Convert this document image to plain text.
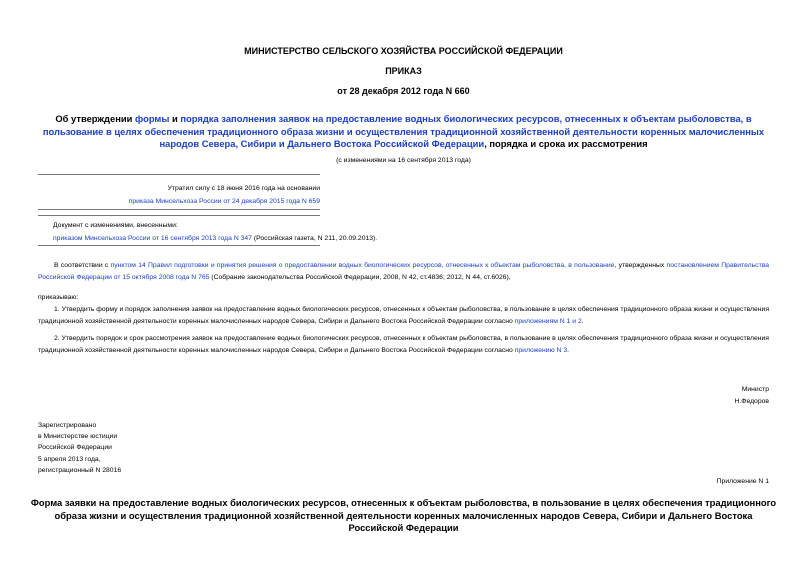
МИНИСТЕРСТВО СЕЛЬСКОГО ХОЗЯЙСТВА РОССИЙСКОЙ ФЕДЕРАЦИИ
ПРИКАЗ
от 28 декабря 2012 года N 660
Об утверждении формы и порядка заполнения заявок на предоставление водных биологических ресурсов, отнесенных к объектам рыболовства, в пользование в целях обеспечения традиционного образа жизни и осуществления традиционной хозяйственной деятельности коренных малочисленных народов Севера, Сибири и Дальнего Востока Российской Федерации, порядка и срока их рассмотрения
(с изменениями на 16 сентября 2013 года)
Утратил силу с 18 июня 2016 года на основании
приказа Минсельхоза России от 24 декабря 2015 года N 659
Документ с изменениями, внесенными:
приказом Минсельхоза России от 16 сентября 2013 года N 347 (Российская газета, N 211, 20.09.2013).
В соответствии с пунктом 14 Правил подготовки и принятия решения о предоставлении водных биологических ресурсов, отнесенных к объектам рыболовства, в пользование, утвержденных постановлением Правительства Российской Федерации от 15 октября 2008 года N 765 (Собрание законодательства Российской Федерации, 2008, N 42, ст.4836; 2012, N 44, ст.6026),
приказываю:
1. Утвердить форму и порядок заполнения заявок на предоставление водных биологических ресурсов, отнесенных к объектам рыболовства, в пользование в целях обеспечения традиционного образа жизни и осуществления традиционной хозяйственной деятельности коренных малочисленных народов Севера, Сибири и Дальнего Востока Российской Федерации согласно приложениям N 1 и 2.
2. Утвердить порядок и срок рассмотрения заявок на предоставление водных биологических ресурсов, отнесенных к объектам рыболовства, в пользование в целях обеспечения традиционного образа жизни и осуществления традиционной хозяйственной деятельности коренных малочисленных народов Севера, Сибири и Дальнего Востока Российской Федерации согласно приложению N 3.
Министр
Н.Федоров
Зарегистрировано
в Министерстве юстиции
Российской Федерации
5 апреля 2013 года,
регистрационный N 28016
Приложение N 1
Форма заявки на предоставление водных биологических ресурсов, отнесенных к объектам рыболовства, в пользование в целях обеспечения традиционного образа жизни и осуществления традиционной хозяйственной деятельности коренных малочисленных народов Севера, Сибири и Дальнего Востока Российской Федерации
